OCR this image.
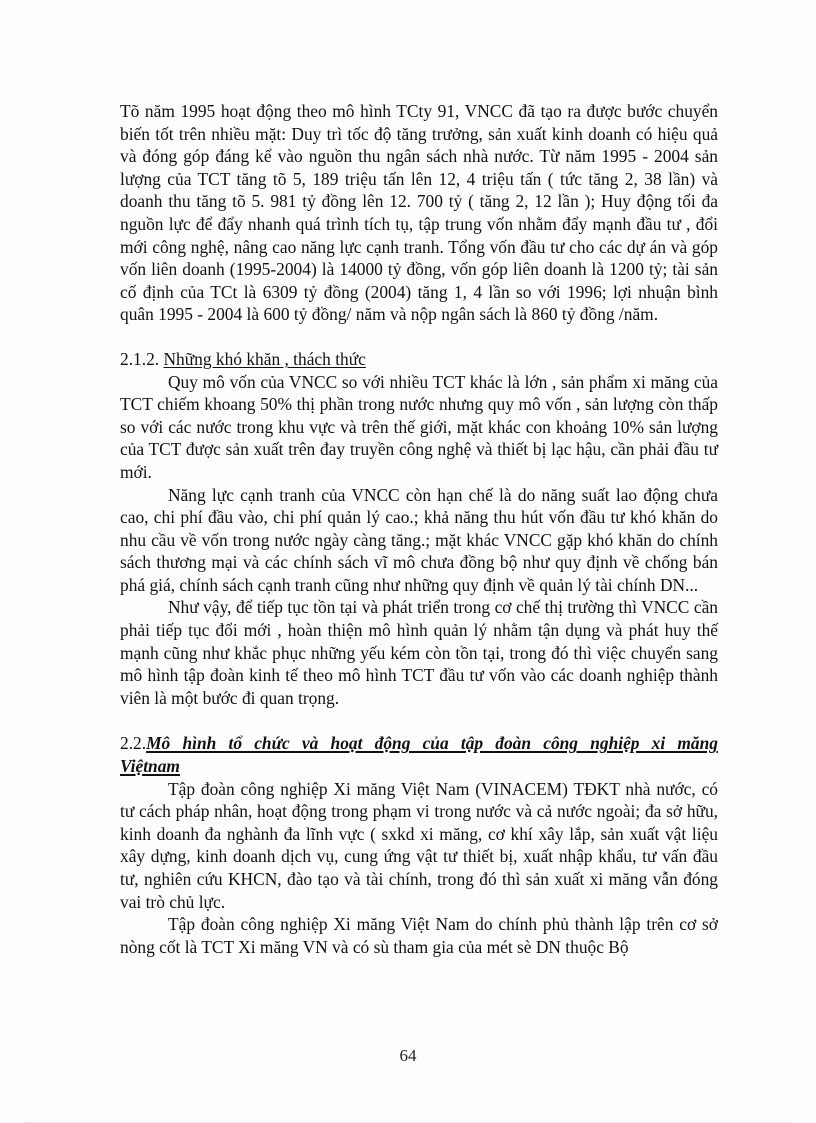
Tõ năm 1995 hoạt động theo mô hình TCty 91, VNCC đã tạo ra được bước chuyển biến tốt trên nhiều mặt: Duy trì tốc độ tăng trưởng, sản xuất kinh doanh có hiệu quả và đóng góp đáng kể vào nguồn thu ngân sách nhà nước. Từ năm 1995 - 2004 sản lượng của TCT tăng tõ 5, 189 triệu tấn lên 12, 4 triệu tấn ( tức tăng 2, 38 lần) và doanh thu tăng tõ 5. 981 tỷ đồng lên 12. 700 tỷ ( tăng 2, 12 lần ); Huy động tối đa nguồn lực để đẩy nhanh quá trình tích tụ, tập trung vốn nhằm đẩy mạnh đầu tư , đổi mới công nghệ, nâng cao năng lực cạnh tranh. Tổng vốn đầu tư cho các dự án và góp vốn liên doanh (1995-2004) là 14000 tỷ đồng, vốn góp liên doanh là 1200 tỷ; tài sản cố định của TCt là 6309 tỷ đồng (2004) tăng 1, 4 lần so với 1996; lợi nhuận bình quân 1995 - 2004 là 600 tỷ đồng/ năm và nộp ngân sách là 860 tỷ đồng /năm.

2.1.2. Những khó khăn , thách thức

Quy mô vốn của VNCC so với nhiều TCT khác là lớn , sản phẩm xi măng của TCT chiếm khoang 50% thị phần trong nước nhưng quy mô vốn , sản lượng còn thấp so với các nước trong khu vực và trên thế giới, mặt khác con khoảng 10% sản lượng của TCT được sản xuất trên đay truyền công nghệ và thiết bị lạc hậu, cần phải đầu tư mới.

Năng lực cạnh tranh của VNCC còn hạn chế là do năng suất lao động chưa cao, chi phí đầu vào, chi phí quản lý cao.; khả năng thu hút vốn đầu tư khó khăn do nhu cầu về vốn trong nước ngày càng tăng.; mặt khác VNCC gặp khó khăn do chính sách thương mại và các chính sách vĩ mô chưa đồng bộ như quy định về chống bán phá giá, chính sách cạnh tranh cũng như những quy định về quản lý tài chính DN...

Như vậy, để tiếp tục tồn tại và phát triển trong cơ chế thị trường thì VNCC cần phải tiếp tục đổi mới , hoàn thiện mô hình quản lý nhằm tận dụng và phát huy thế mạnh cũng như khắc phục những yếu kém còn tồn tại, trong đó thì việc chuyển sang mô hình tập đoàn kinh tế theo mô hình TCT đầu tư vốn vào các doanh nghiệp thành viên là một bước đi quan trọng.

2.2.Mô hình tổ chức và hoạt động của tập đoàn công nghiệp xi măng Việtnam

Tập đoàn công nghiệp Xi măng Việt Nam (VINACEM) TĐKT nhà nước, có tư cách pháp nhân, hoạt động trong phạm vi trong nước và cả nước ngoài; đa sở hữu, kinh doanh đa nghành đa lĩnh vực ( sxkd xi măng, cơ khí xây lắp, sản xuất vật liệu xây dựng, kinh doanh dịch vụ, cung ứng vật tư thiết bị, xuất nhập khẩu, tư vấn đầu tư, nghiên cứu KHCN, đào tạo và tài chính, trong đó thì sản xuất xi măng vẫn đóng vai trò chủ lực.

Tập đoàn công nghiệp Xi măng Việt Nam do chính phủ thành lập trên cơ sở nòng cốt là TCT Xi măng VN và có sù tham gia của mét sè DN thuộc Bộ

64
